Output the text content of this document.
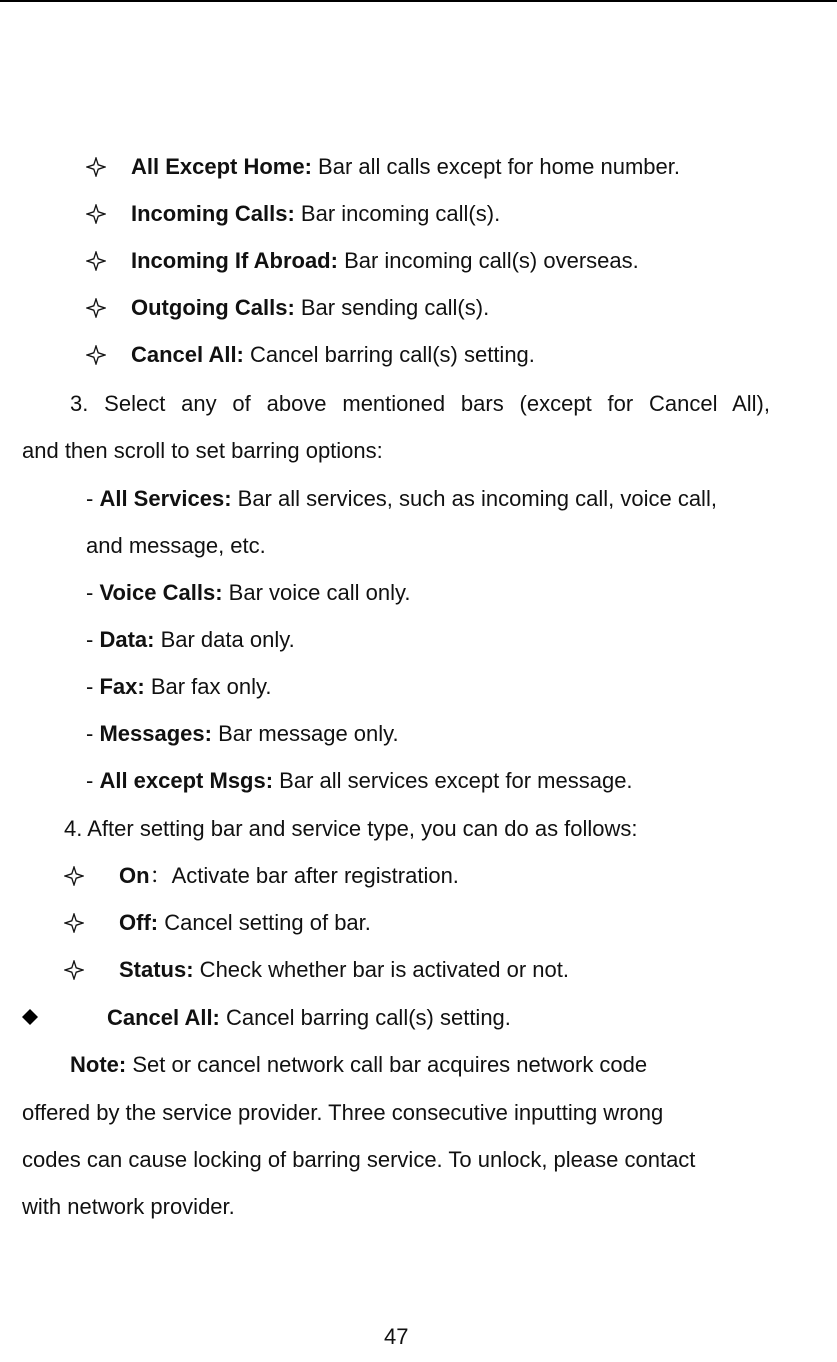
All Except Home: Bar all calls except for home number.
Incoming Calls: Bar incoming call(s).
Incoming If Abroad: Bar incoming call(s) overseas.
Outgoing Calls: Bar sending call(s).
Cancel All: Cancel barring call(s) setting.
3. Select any of above mentioned bars (except for Cancel All),
and then scroll to set barring options:
- All Services: Bar all services, such as incoming call, voice call,
and message, etc.
- Voice Calls: Bar voice call only.
- Data: Bar data only.
- Fax: Bar fax only.
- Messages: Bar message only.
- All except Msgs: Bar all services except for message.
4. After setting bar and service type, you can do as follows:
On：Activate bar after registration.
Off: Cancel setting of bar.
Status: Check whether bar is activated or not.
Cancel All: Cancel barring call(s) setting.
Note: Set or cancel network call bar acquires network code
offered by the service provider. Three consecutive inputting wrong
codes can cause locking of barring service. To unlock, please contact
with network provider.
47
